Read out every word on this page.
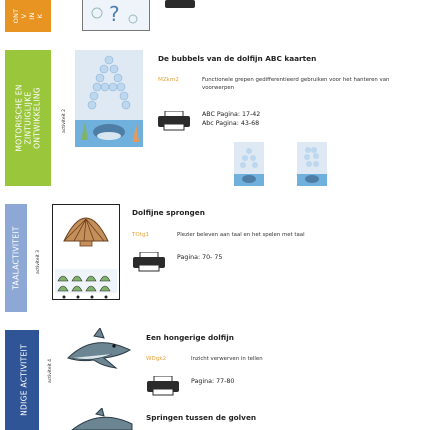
ONT
V
IN
K
MOTORISCHE EN
ZINTUIGLIJKE
ONTWIKKELING
TAALACTIVITEIT
NDIGE ACTIVITEIT
?
activiteit 2
De bubbels van de dolfijn ABC kaarten
MZkm2	Functionele grepen gedifferentieerd gebruiken voor het hanteren van voorwerpen
ABC Pagina: 17-42
Abc Pagina: 43-68
activiteit 3
Dolfijne sprongen
TOtg1	Plezier beleven aan taal en het spelen met taal
Pagina: 70- 75
activiteit 4
Een hongerige dolfijn
WDgk2	Inzicht verwerven in tellen
Pagina: 77-80
Springen tussen de golven
